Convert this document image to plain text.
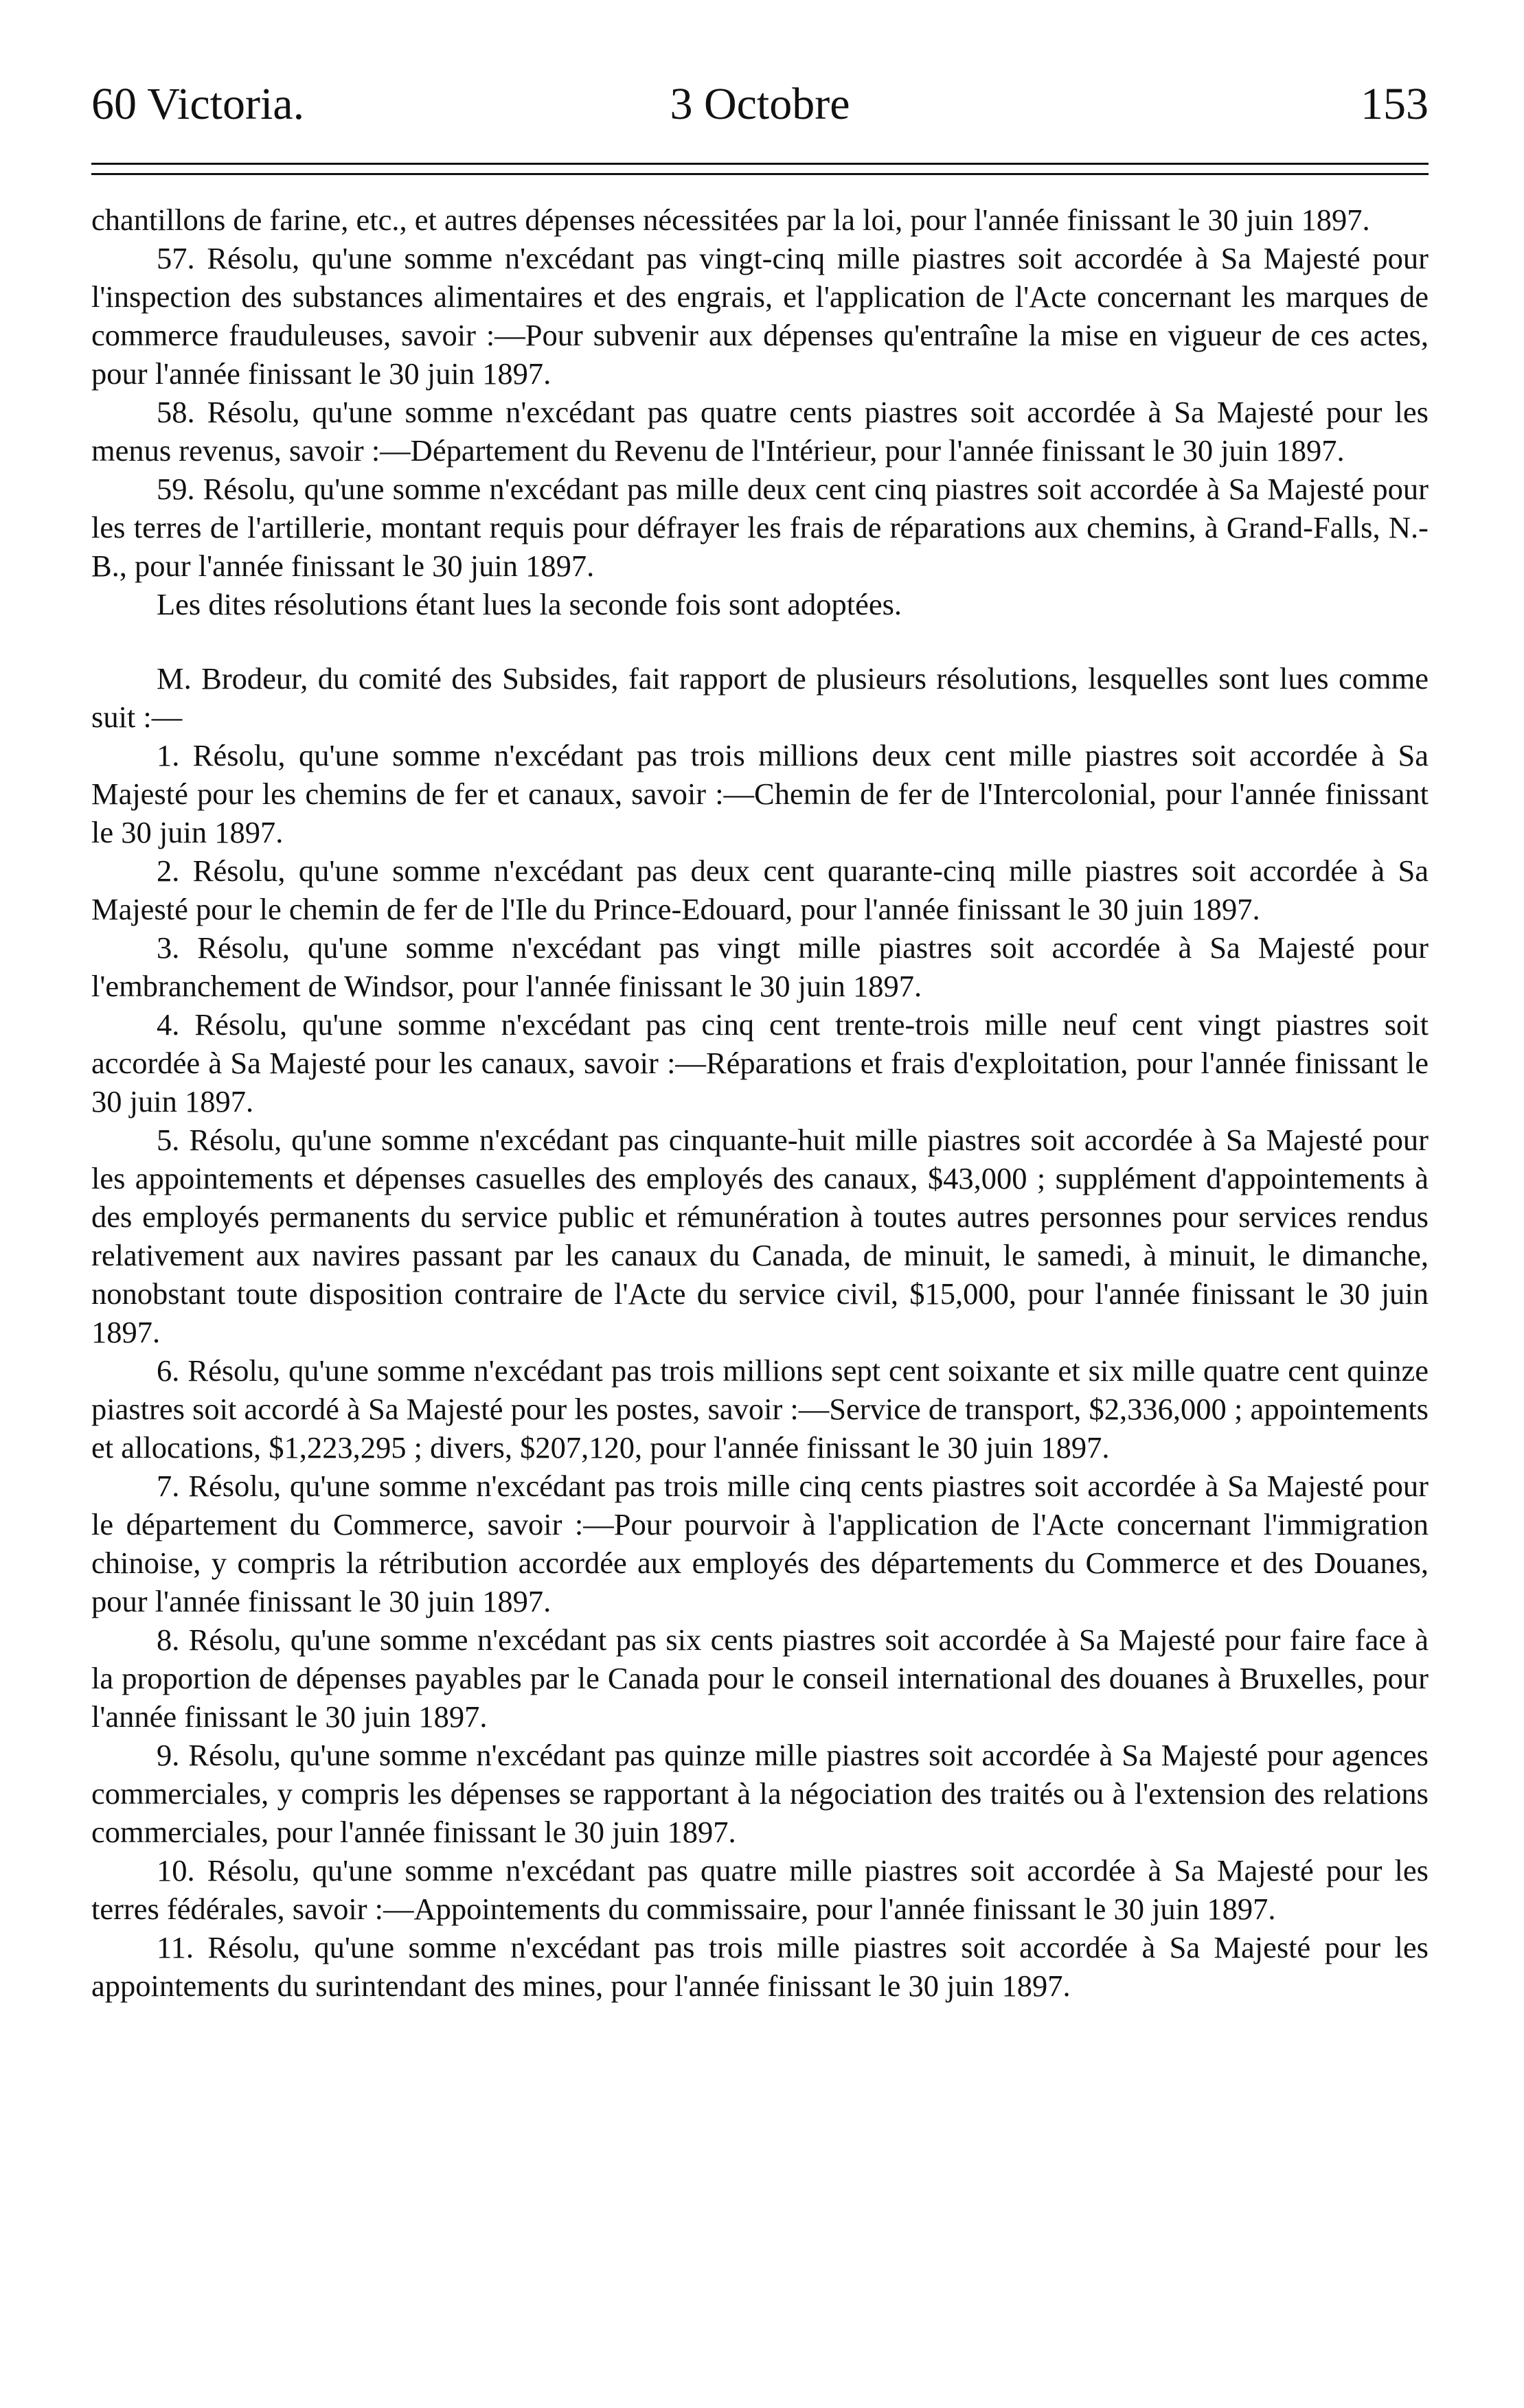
60 Victoria.	3 Octobre	153

chantillons de farine, etc., et autres dépenses nécessitées par la loi, pour l'année finissant le 30 juin 1897.

57. Résolu, qu'une somme n'excédant pas vingt-cinq mille piastres soit accordée à Sa Majesté pour l'inspection des substances alimentaires et des engrais, et l'application de l'Acte concernant les marques de commerce frauduleuses, savoir :—Pour subvenir aux dépenses qu'entraîne la mise en vigueur de ces actes, pour l'année finissant le 30 juin 1897.

58. Résolu, qu'une somme n'excédant pas quatre cents piastres soit accordée à Sa Majesté pour les menus revenus, savoir :—Département du Revenu de l'Intérieur, pour l'année finissant le 30 juin 1897.

59. Résolu, qu'une somme n'excédant pas mille deux cent cinq piastres soit accordée à Sa Majesté pour les terres de l'artillerie, montant requis pour défrayer les frais de réparations aux chemins, à Grand-Falls, N.-B., pour l'année finissant le 30 juin 1897.

Les dites résolutions étant lues la seconde fois sont adoptées.

M. Brodeur, du comité des Subsides, fait rapport de plusieurs résolutions, lesquelles sont lues comme suit :—

1. Résolu, qu'une somme n'excédant pas trois millions deux cent mille piastres soit accordée à Sa Majesté pour les chemins de fer et canaux, savoir :—Chemin de fer de l'Intercolonial, pour l'année finissant le 30 juin 1897.

2. Résolu, qu'une somme n'excédant pas deux cent quarante-cinq mille piastres soit accordée à Sa Majesté pour le chemin de fer de l'Ile du Prince-Edouard, pour l'année finissant le 30 juin 1897.

3. Résolu, qu'une somme n'excédant pas vingt mille piastres soit accordée à Sa Majesté pour l'embranchement de Windsor, pour l'année finissant le 30 juin 1897.

4. Résolu, qu'une somme n'excédant pas cinq cent trente-trois mille neuf cent vingt piastres soit accordée à Sa Majesté pour les canaux, savoir :—Réparations et frais d'exploitation, pour l'année finissant le 30 juin 1897.

5. Résolu, qu'une somme n'excédant pas cinquante-huit mille piastres soit accordée à Sa Majesté pour les appointements et dépenses casuelles des employés des canaux, $43,000 ; supplément d'appointements à des employés permanents du service public et rémunération à toutes autres personnes pour services rendus relativement aux navires passant par les canaux du Canada, de minuit, le samedi, à minuit, le dimanche, nonobstant toute disposition contraire de l'Acte du service civil, $15,000, pour l'année finissant le 30 juin 1897.

6. Résolu, qu'une somme n'excédant pas trois millions sept cent soixante et six mille quatre cent quinze piastres soit accordé à Sa Majesté pour les postes, savoir :—Service de transport, $2,336,000 ; appointements et allocations, $1,223,295 ; divers, $207,120, pour l'année finissant le 30 juin 1897.

7. Résolu, qu'une somme n'excédant pas trois mille cinq cents piastres soit accordée à Sa Majesté pour le département du Commerce, savoir :—Pour pourvoir à l'application de l'Acte concernant l'immigration chinoise, y compris la rétribution accordée aux employés des départements du Commerce et des Douanes, pour l'année finissant le 30 juin 1897.

8. Résolu, qu'une somme n'excédant pas six cents piastres soit accordée à Sa Majesté pour faire face à la proportion de dépenses payables par le Canada pour le conseil international des douanes à Bruxelles, pour l'année finissant le 30 juin 1897.

9. Résolu, qu'une somme n'excédant pas quinze mille piastres soit accordée à Sa Majesté pour agences commerciales, y compris les dépenses se rapportant à la négociation des traités ou à l'extension des relations commerciales, pour l'année finissant le 30 juin 1897.

10. Résolu, qu'une somme n'excédant pas quatre mille piastres soit accordée à Sa Majesté pour les terres fédérales, savoir :—Appointements du commissaire, pour l'année finissant le 30 juin 1897.

11. Résolu, qu'une somme n'excédant pas trois mille piastres soit accordée à Sa Majesté pour les appointements du surintendant des mines, pour l'année finissant le 30 juin 1897.
